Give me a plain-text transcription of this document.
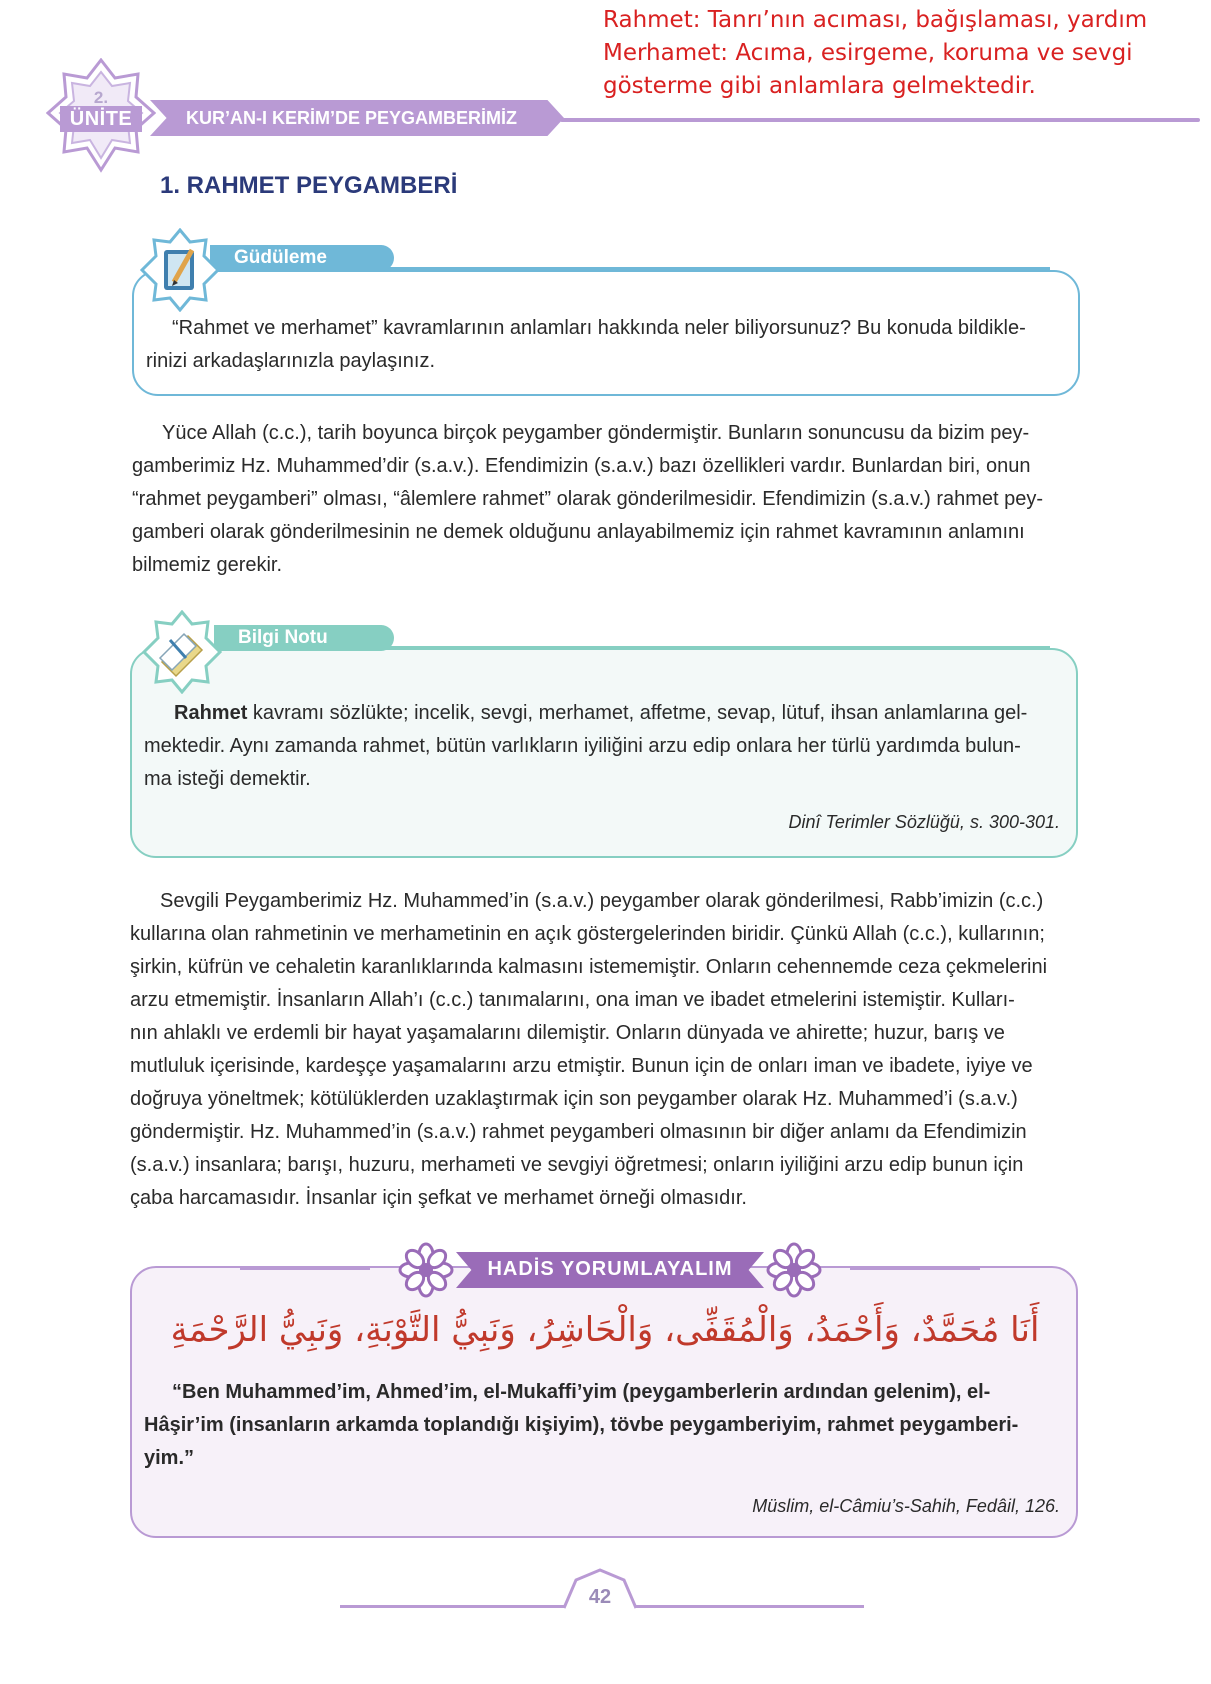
Rahmet: Tanrı’nın acıması, bağışlaması, yardım
Merhamet: Acıma, esirgeme, koruma ve sevgi
gösterme gibi anlamlara gelmektedir.
2.
ÜNİTE	KUR’AN-I KERİM’DE PEYGAMBERİMİZ
1. RAHMET PEYGAMBERİ
Güdüleme
“Rahmet ve merhamet” kavramlarının anlamları hakkında neler biliyorsunuz? Bu konuda bildikle-
rinizi arkadaşlarınızla paylaşınız.
Yüce Allah (c.c.), tarih boyunca birçok peygamber göndermiştir. Bunların sonuncusu da bizim pey-
gamberimiz Hz. Muhammed’dir (s.a.v.). Efendimizin (s.a.v.) bazı özellikleri vardır. Bunlardan biri, onun
“rahmet peygamberi” olması, “âlemlere rahmet” olarak gönderilmesidir. Efendimizin (s.a.v.) rahmet pey-
gamberi olarak gönderilmesinin ne demek olduğunu anlayabilmemiz için rahmet kavramının anlamını
bilmemiz gerekir.
Bilgi Notu
Rahmet kavramı sözlükte; incelik, sevgi, merhamet, affetme, sevap, lütuf, ihsan anlamlarına gel-
mektedir. Aynı zamanda rahmet, bütün varlıkların iyiliğini arzu edip onlara her türlü yardımda bulun-
ma isteği demektir.
Dinî Terimler Sözlüğü, s. 300-301.
Sevgili Peygamberimiz Hz. Muhammed’in (s.a.v.) peygamber olarak gönderilmesi, Rabb’imizin (c.c.)
kullarına olan rahmetinin ve merhametinin en açık göstergelerinden biridir. Çünkü Allah (c.c.), kullarının;
şirkin, küfrün ve cehaletin karanlıklarında kalmasını istememiştir. Onların cehennemde ceza çekmelerini
arzu etmemiştir. İnsanların Allah’ı (c.c.) tanımalarını, ona iman ve ibadet etmelerini istemiştir. Kulları-
nın ahlaklı ve erdemli bir hayat yaşamalarını dilemiştir. Onların dünyada ve ahirette; huzur, barış ve
mutluluk içerisinde, kardeşçe yaşamalarını arzu etmiştir. Bunun için de onları iman ve ibadete, iyiye ve
doğruya yöneltmek; kötülüklerden uzaklaştırmak için son peygamber olarak Hz. Muhammed’i (s.a.v.)
göndermiştir. Hz. Muhammed’in (s.a.v.) rahmet peygamberi olmasının bir diğer anlamı da Efendimizin
(s.a.v.) insanlara; barışı, huzuru, merhameti ve sevgiyi öğretmesi; onların iyiliğini arzu edip bunun için
çaba harcamasıdır. İnsanlar için şefkat ve merhamet örneği olmasıdır.
HADİS YORUMLAYALIM
أَنَا مُحَمَّدٌ، وَأَحْمَدُ، وَالْمُقَفِّى، وَالْحَاشِرُ، وَنَبِيُّ التَّوْبَةِ، وَنَبِيُّ الرَّحْمَةِ
“Ben Muhammed’im, Ahmed’im, el-Mukaffi’yim (peygamberlerin ardından gelenim), el-
Hâşir’im (insanların arkamda toplandığı kişiyim), tövbe peygamberiyim, rahmet peygamberi-
yim.”
Müslim, el-Câmiu’s-Sahih, Fedâil, 126.
42
